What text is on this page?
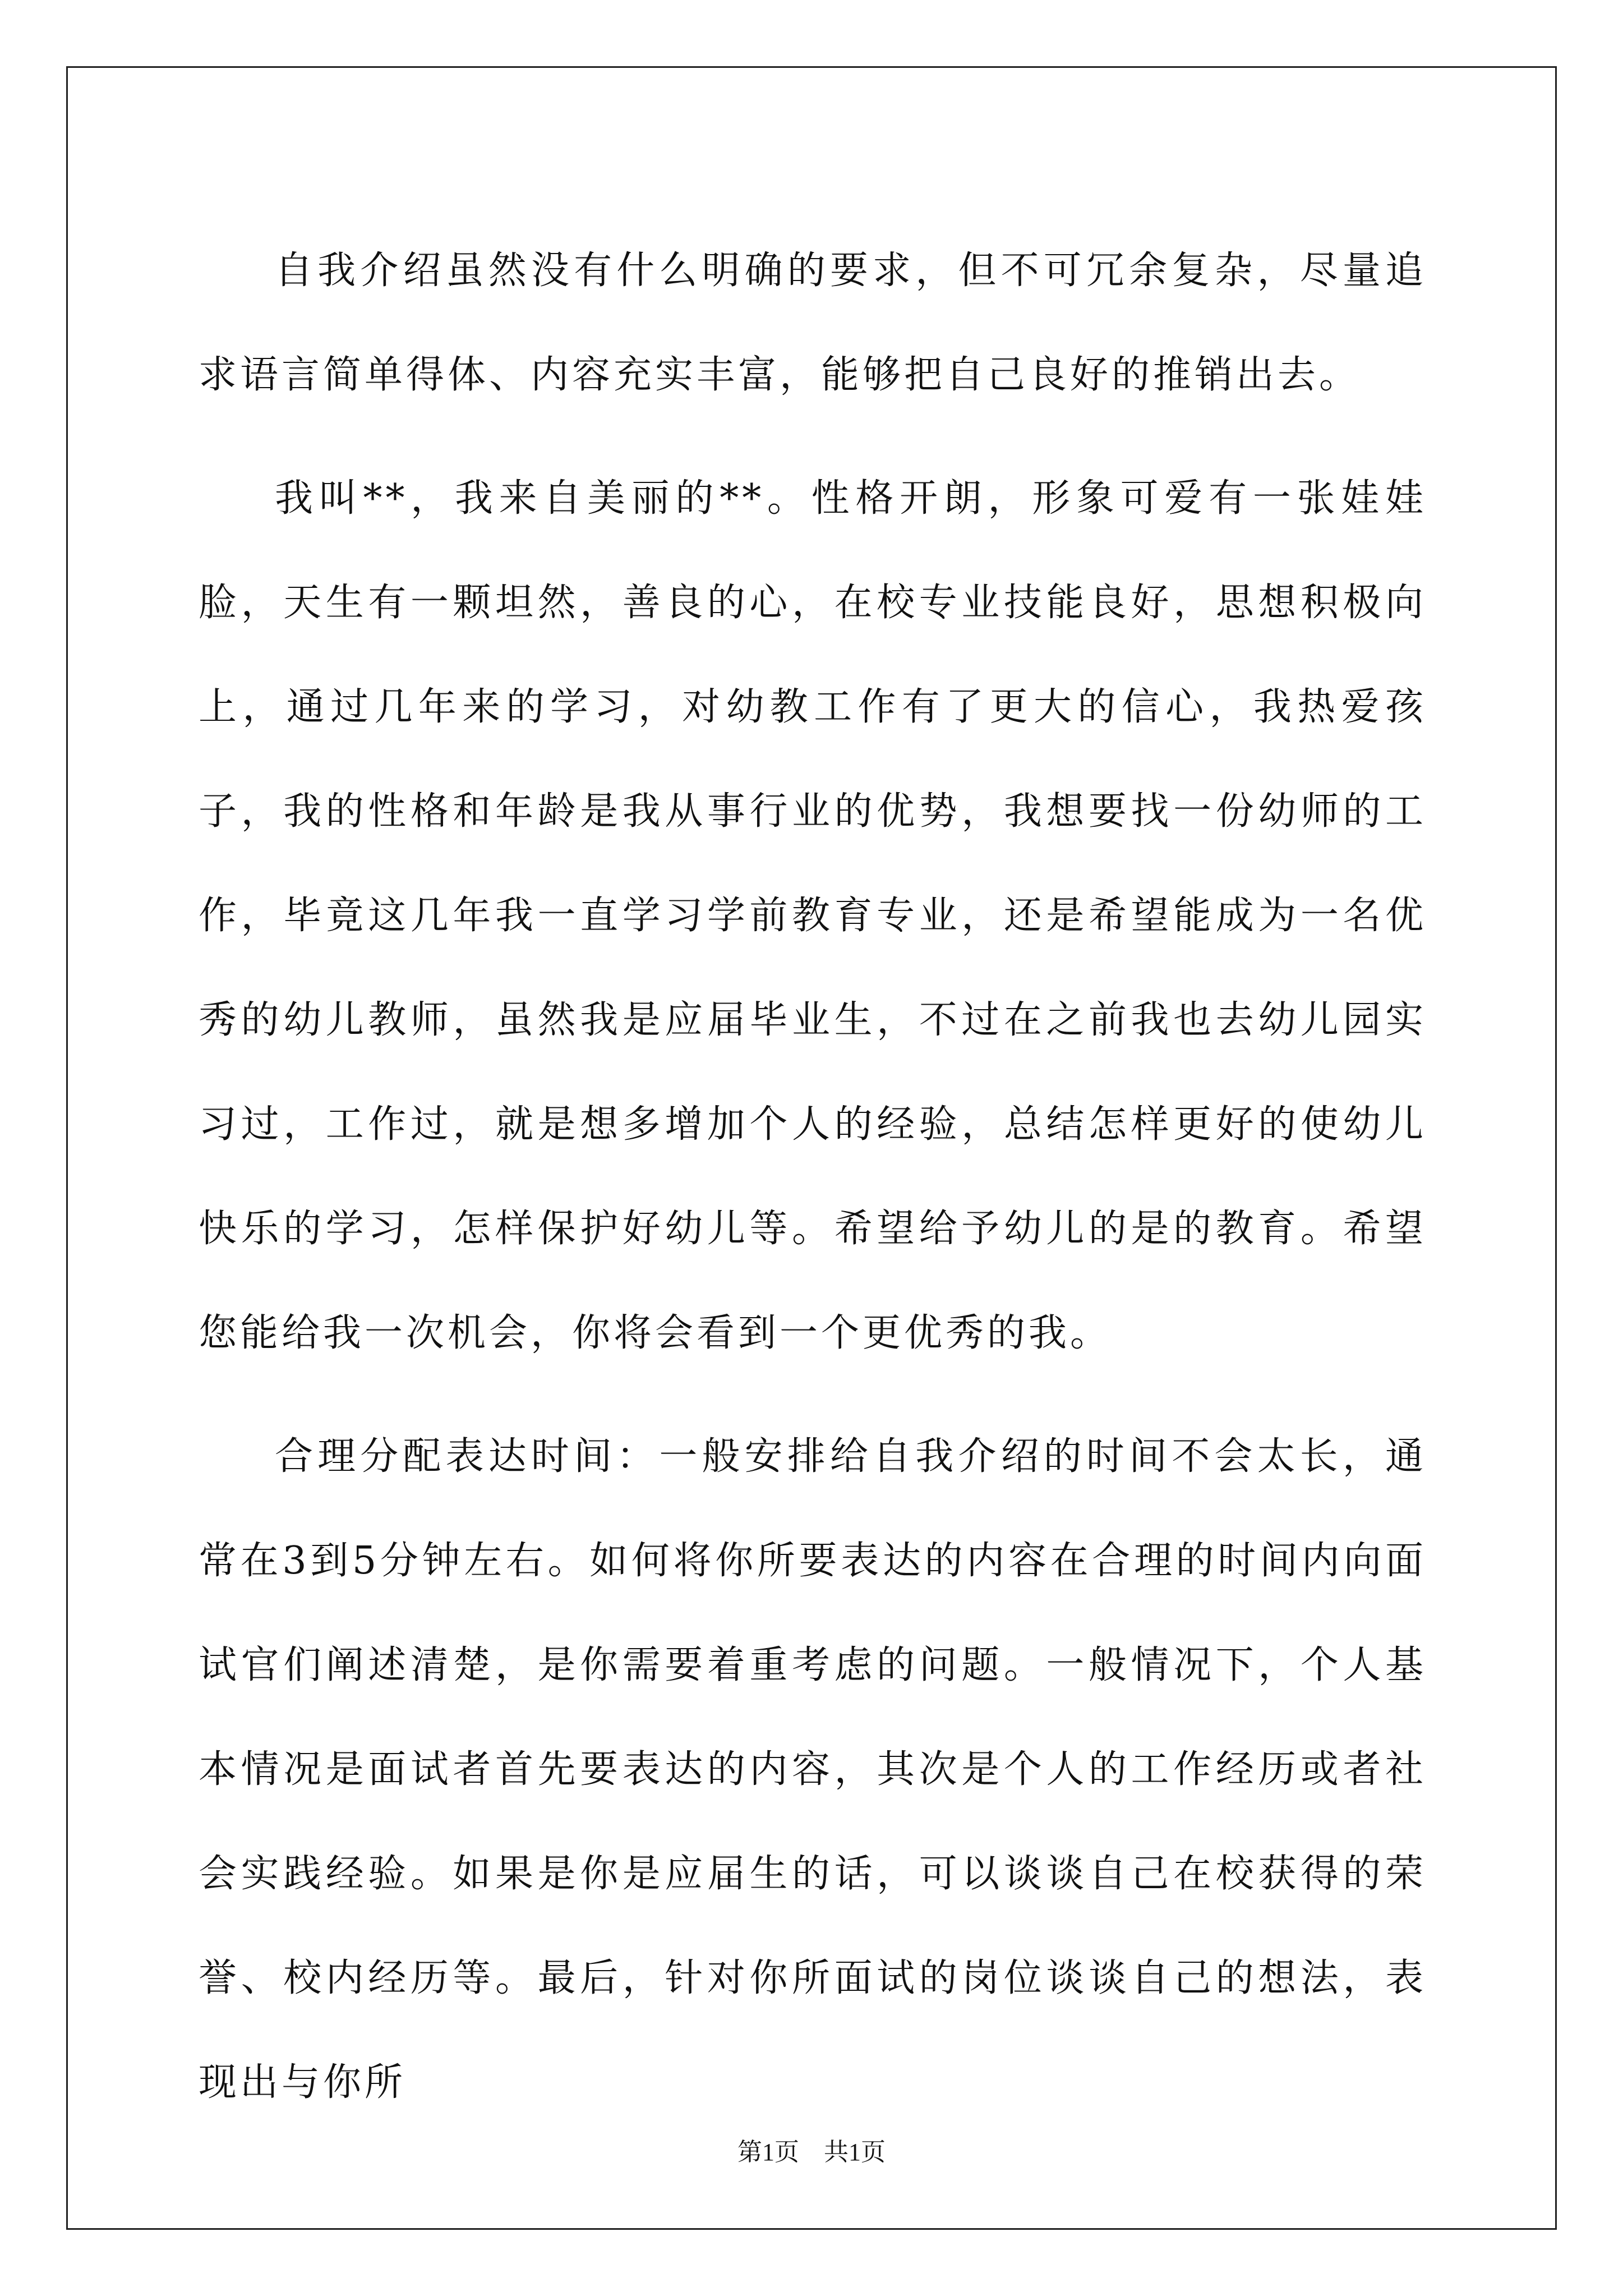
自我介绍虽然没有什么明确的要求，但不可冗余复杂，尽量追求语言简单得体、内容充实丰富，能够把自己良好的推销出去。

我叫**，我来自美丽的**。性格开朗，形象可爱有一张娃娃脸，天生有一颗坦然，善良的心，在校专业技能良好，思想积极向上，通过几年来的学习，对幼教工作有了更大的信心，我热爱孩子，我的性格和年龄是我从事行业的优势，我想要找一份幼师的工作，毕竟这几年我一直学习学前教育专业，还是希望能成为一名优秀的幼儿教师，虽然我是应届毕业生，不过在之前我也去幼儿园实习过，工作过，就是想多增加个人的经验，总结怎样更好的使幼儿快乐的学习，怎样保护好幼儿等。希望给予幼儿的是的教育。希望您能给我一次机会，你将会看到一个更优秀的我。

合理分配表达时间：一般安排给自我介绍的时间不会太长，通常在3到5分钟左右。如何将你所要表达的内容在合理的时间内向面试官们阐述清楚，是你需要着重考虑的问题。一般情况下，个人基本情况是面试者首先要表达的内容，其次是个人的工作经历或者社会实践经验。如果是你是应届生的话，可以谈谈自己在校获得的荣誉、校内经历等。最后，针对你所面试的岗位谈谈自己的想法，表现出与你所

第1页　共1页
